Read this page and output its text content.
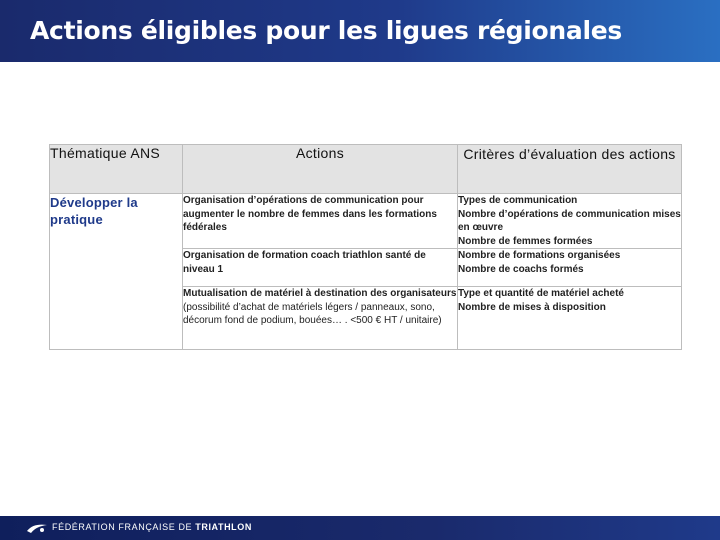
Actions éligibles pour les ligues régionales
Thématique ANS	Actions	Critères d’évaluation des actions
Développer la pratique	Organisation d’opérations de communication pour augmenter le nombre de femmes dans les formations fédérales	Types de communication
Nombre d’opérations de communication mises en œuvre
Nombre de femmes formées

	Organisation de formation coach triathlon santé de niveau 1	Nombre de formations organisées
Nombre de coachs formés

	Mutualisation de matériel à destination des organisateurs (possibilité d’achat de matériels légers / panneaux, sono, décorum fond de podium, bouées… . <500 € HT / unitaire)	Type et quantité de matériel acheté
Nombre de mises à disposition
FÉDÉRATION FRANÇAISE DE TRIATHLON
